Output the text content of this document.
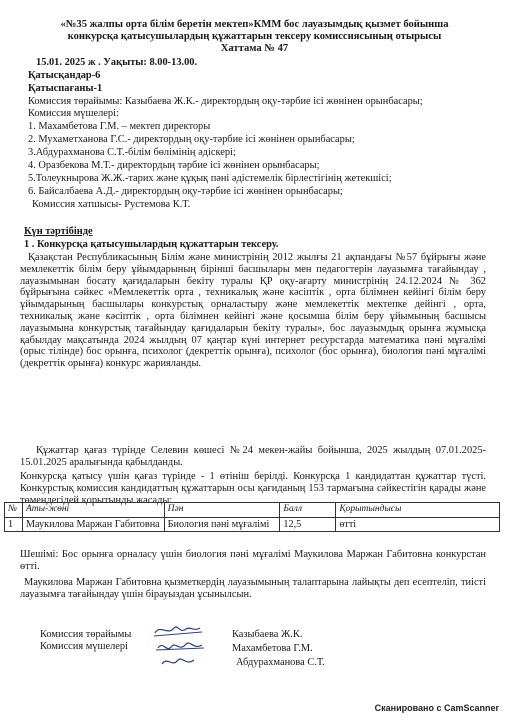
«№35 жалпы орта білім беретін мектеп»КММ бос лауазымдық қызмет бойынша
конкурсқа қатысушылардың құжаттарын тексеру комиссиясының отырысы
Хаттама № 47
15.01. 2025 ж . Уақыты: 8.00-13.00.
Қатысқандар-6
Қатыспағаны-1
Комиссия төрайымы: Казыбаева Ж.К.- директордың оқу-тәрбие ісі жөнінен орынбасары;
Комиссия мүшелері:
1. Махамбетова Г.М. – мектеп директоры
2. Мухаметханова Г.С.- директордың оқу-тәрбие ісі жөнінен орынбасары;
3.Абдурахманова С.Т.-білім бөлімінің әдіскері;
4. Оразбекова М.Т.- директордың тәрбие ісі жөнінен орынбасары;
5.Толеукнырова Ж.Ж.-тарих және құқық пәні әдістемелік бірлестігінің жетекшісі;
6. Байсалбаева А.Д.- директордың оқу-тәрбие ісі жөнінен орынбасары;
Комиссия хатшысы- Рустемова К.Т.
Күн тәртібінде
1 . Конкурсқа қатысушылардың құжаттарын тексеру.
Қазақстан Республикасының Білім және министрінің 2012 жылғы 21 ақпандағы №57 бұйрығы және мемлекеттік білім беру ұйымдарының бірінші басшылары мен педагогтерін лауазымға тағайындау , лауазымынан босату қағидаларын бекіту туралы ҚР оқу-ағарту министрінің 24.12.2024 № 362 бұйрығына сәйкес «Мемлекеттік орта , техникалық және кәсіптік , орта білімнен кейінгі білім беру ұйымдарының басшылары конкурстық орналастыру және мемлекеттік мектепке дейінгі , орта, техникалық және кәсіптік , орта білімнен кейінгі және қосымша білім беру ұйымының басшысы лауазымына конкурстық тағайындау қағидаларын бекіту туралы», бос лауазымдық орынға жұмысқа қабылдау мақсатында 2024 жылдың 07 қаңтар күні интернет ресурстарда математика пәні мұғалімі (орыс тілінде) бос орынға, психолог (декреттік орынға), психолог (бос орынға), биология пәні мұғалімі (декреттік орынға) конкурс жарияланды.
Құжаттар қағаз түрінде Селевин көшесі №24 мекен-жайы бойынша, 2025 жылдың 07.01.2025- 15.01.2025 аралығында қабылданды.
Конкурсқа қатысу үшін қағаз түрінде - 1 өтініш берілді. Конкурсқа 1 кандидаттан құжаттар түсті. Конкурстық комиссия кандидаттың құжаттарын осы қағиданың 153 тармағына сәйкестігін қарады және төмендегідей қорытынды жасады:
№	Аты-жөні	Пән	Балл	Қорытындысы
1	Маукилова Маржан Габитовна	Биология пәні мұғалімі	12,5	өтті
Шешімі: Бос орынға орналасу үшін биология пәні мұғалімі Маукилова Маржан Габитовна конкурстан өтті.
Маукилова Маржан Габитовна қызметкердің лауазымының талаптарына лайықты деп есептеліп, тиісті лауазымға тағайындау үшін бірауыздан ұсынылсын.
Комиссия төрайымы
Комиссия мүшелері
Казыбаева Ж.К.
Махамбетова Г.М.
Абдурахманова С.Т.
Сканировано с CamScanner
